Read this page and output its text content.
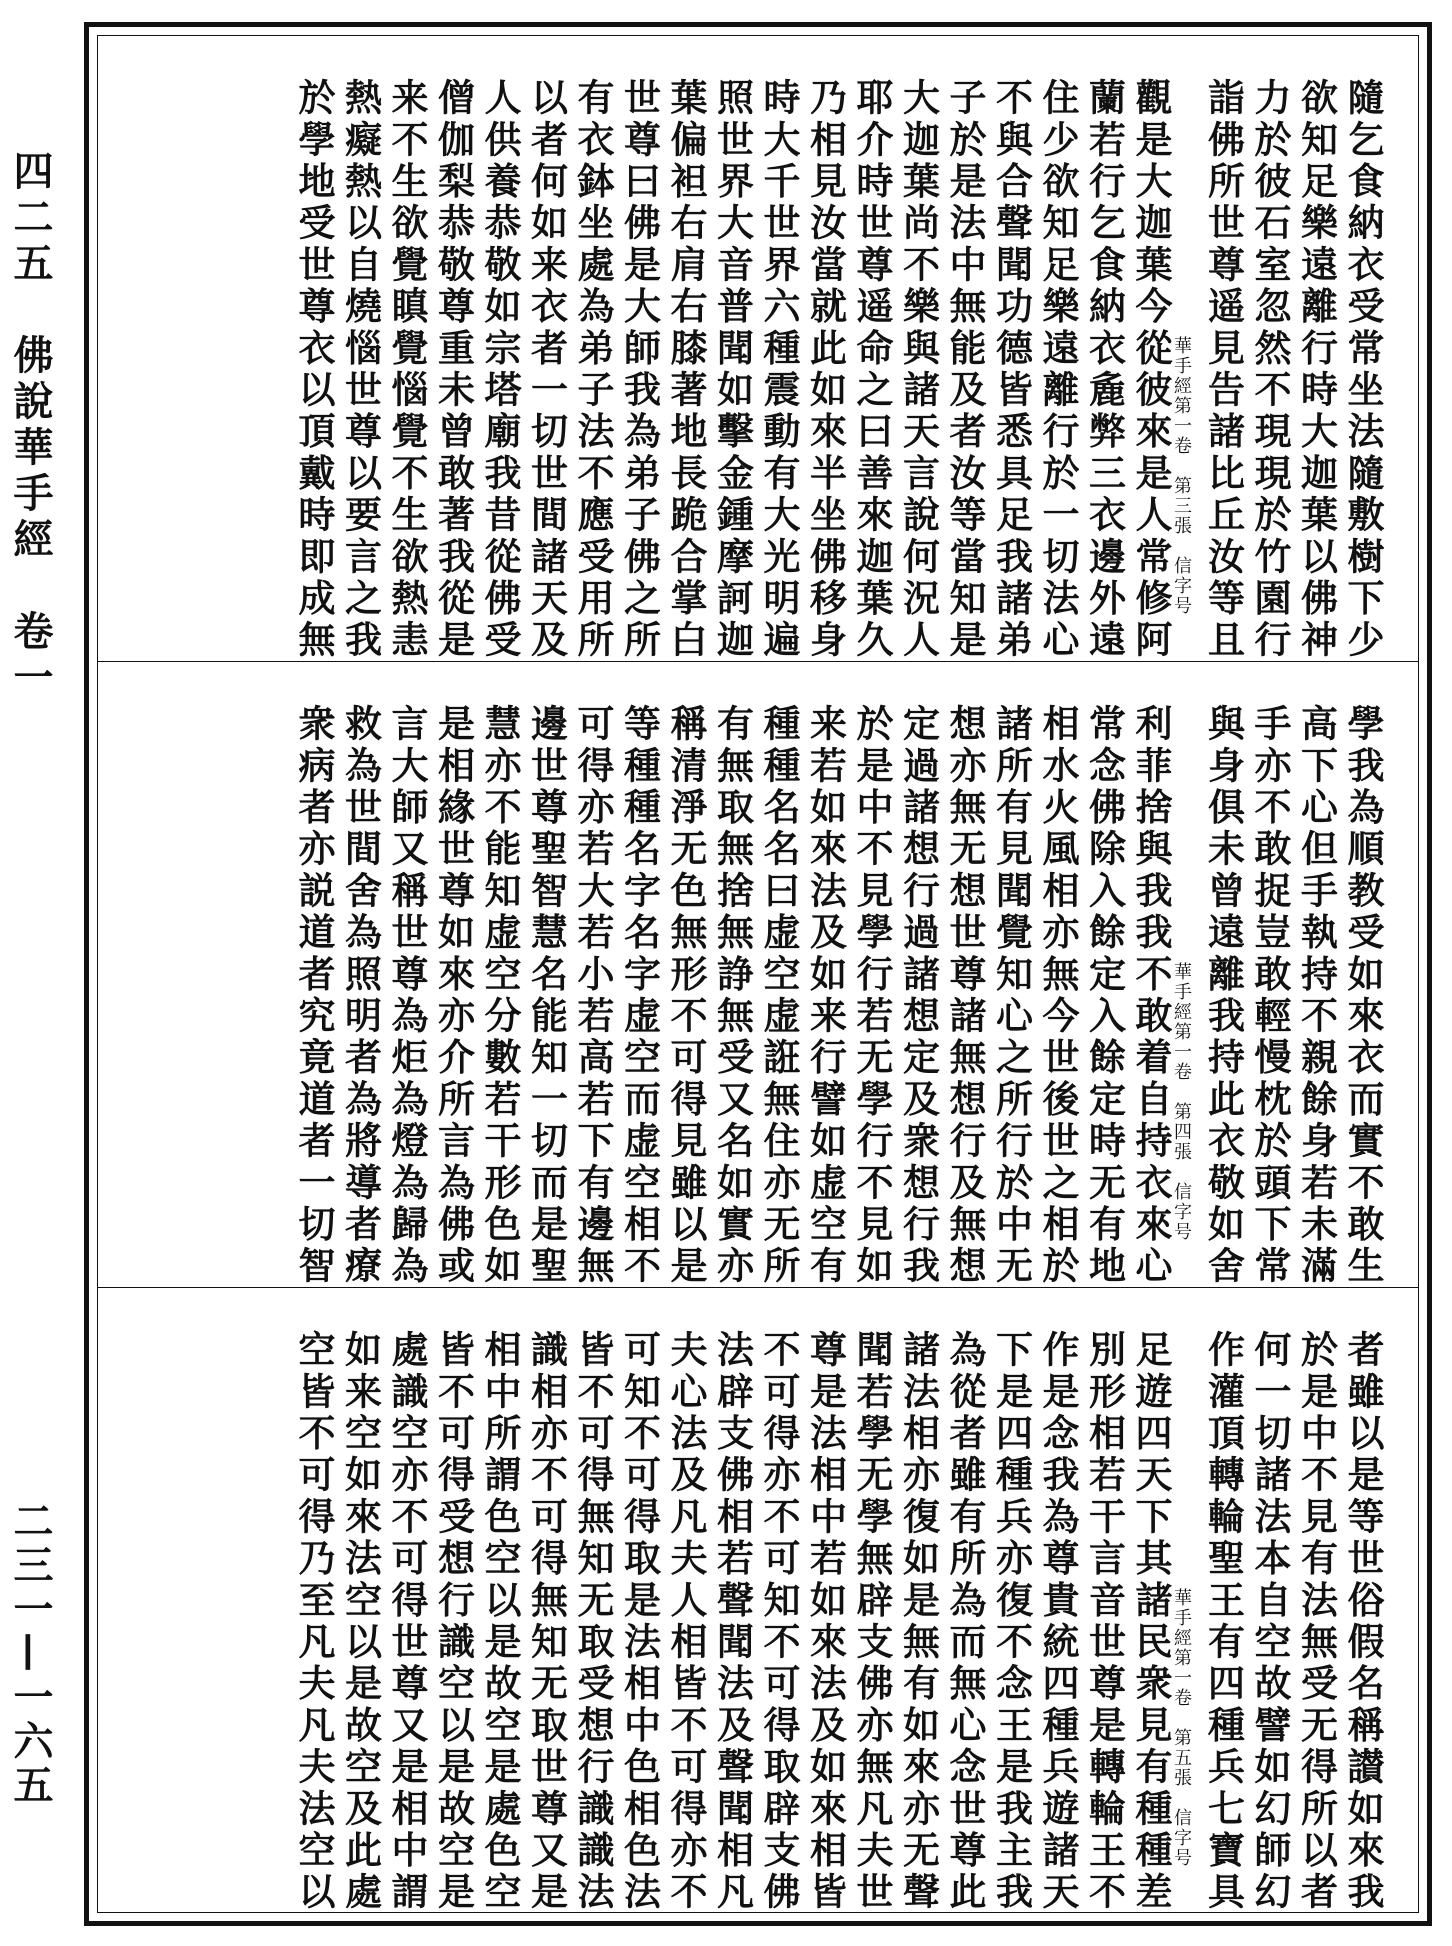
四二五　佛說華手經　卷一
二三一—一六五
隨乞食納衣受常坐法隨敷樹下少
欲知足樂遠離行時大迦葉以佛神
力於彼石室忽然不現現於竹園行
詣佛所世尊遥見告諸比丘汝等且
觀是大迦葉今從彼來是人常修阿
蘭若行乞食納衣麁弊三衣邊外遠
住少欲知足樂遠離行於一切法心
不與合聲聞功德皆悉具足我諸弟
子於是法中無能及者汝等當知是
大迦葉尚不樂與諸天言說何況人
耶介時世尊遥命之曰善來迦葉久
乃相見汝當就此如來半坐佛移身
時大千世界六種震動有大光明遍
照世界大音普聞如擊金鍾摩訶迦
葉偏袒右肩右膝著地長跪合掌白
世尊曰佛是大師我為弟子佛之所
有衣鉢坐處為弟子法不應受用所
以者何如来衣者一切世間諸天及
人供養恭敬如宗塔廟我昔從佛受
僧伽梨恭敬尊重未曾敢著我從是
来不生欲覺瞋覺惱覺不生欲熱恚
熱癡熱以自燒惱世尊以要言之我
於學地受世尊衣以頂戴時即成無	華手經第一卷　第三張　信字号
學我為順教受如來衣而實不敢生
高下心但手執持不親餘身若未滿
手亦不敢捉豈敢輕慢枕於頭下常
與身俱未曾遠離我持此衣敬如舍
利菲捨與我我不敢着自持衣來心
常念佛除入餘定入餘定時无有地
相水火風相亦無今世後世之相於
諸所有見聞覺知心之所行於中无
想亦無无想世尊諸無想行及無想
定過諸想行過諸想定及衆想行我
於是中不見學行若无學行不見如
来若如來法及如来行譬如虚空有
種種名名曰虚空虚誑無住亦无所
有無取無捨無諍無受又名如實亦
稱清淨无色無形不可得見雖以是
等種種名字名字虚空而虚空相不
可得亦若大若小若高若下有邊無
邊世尊聖智慧名能知一切而是聖
慧亦不能知虚空分數若干形色如
是相緣世尊如來亦介所言為佛或
言大師又稱世尊為炬為燈為歸為
救為世間舍為照明者為將導者療
衆病者亦説道者究竟道者一切智	華手經第一卷　第四張　信字号
者雖以是等世俗假名稱讃如來我
於是中不見有法無受无得所以者
何一切諸法本自空故譬如幻師幻
作灌頂轉輪聖王有四種兵七寶具
足遊四天下其諸民衆見有種種差
別形相若干言音世尊是轉輪王不
作是念我為尊貴統四種兵遊諸天
下是四種兵亦復不念王是我主我
為從者雖有所為而無心念世尊此
諸法相亦復如是無有如來亦无聲
聞若學无學無辟支佛亦無凡夫世
尊是法相中若如來法及如來相皆
不可得亦不可知不可得取辟支佛
法辟支佛相若聲聞法及聲聞相凡
夫心法及凡夫人相皆不可得亦不
可知不可得取是法相中色相色法
皆不可得無知无取受想行識識法
識相亦不可得無知无取世尊又是
相中所謂色空以是故空是處色空
皆不可得受想行識空以是故空是
處識空亦不可得世尊又是相中謂
如来空如來法空以是故空及此處
空皆不可得乃至凡夫凡夫法空以	華手經第一卷　第五張　信字号
